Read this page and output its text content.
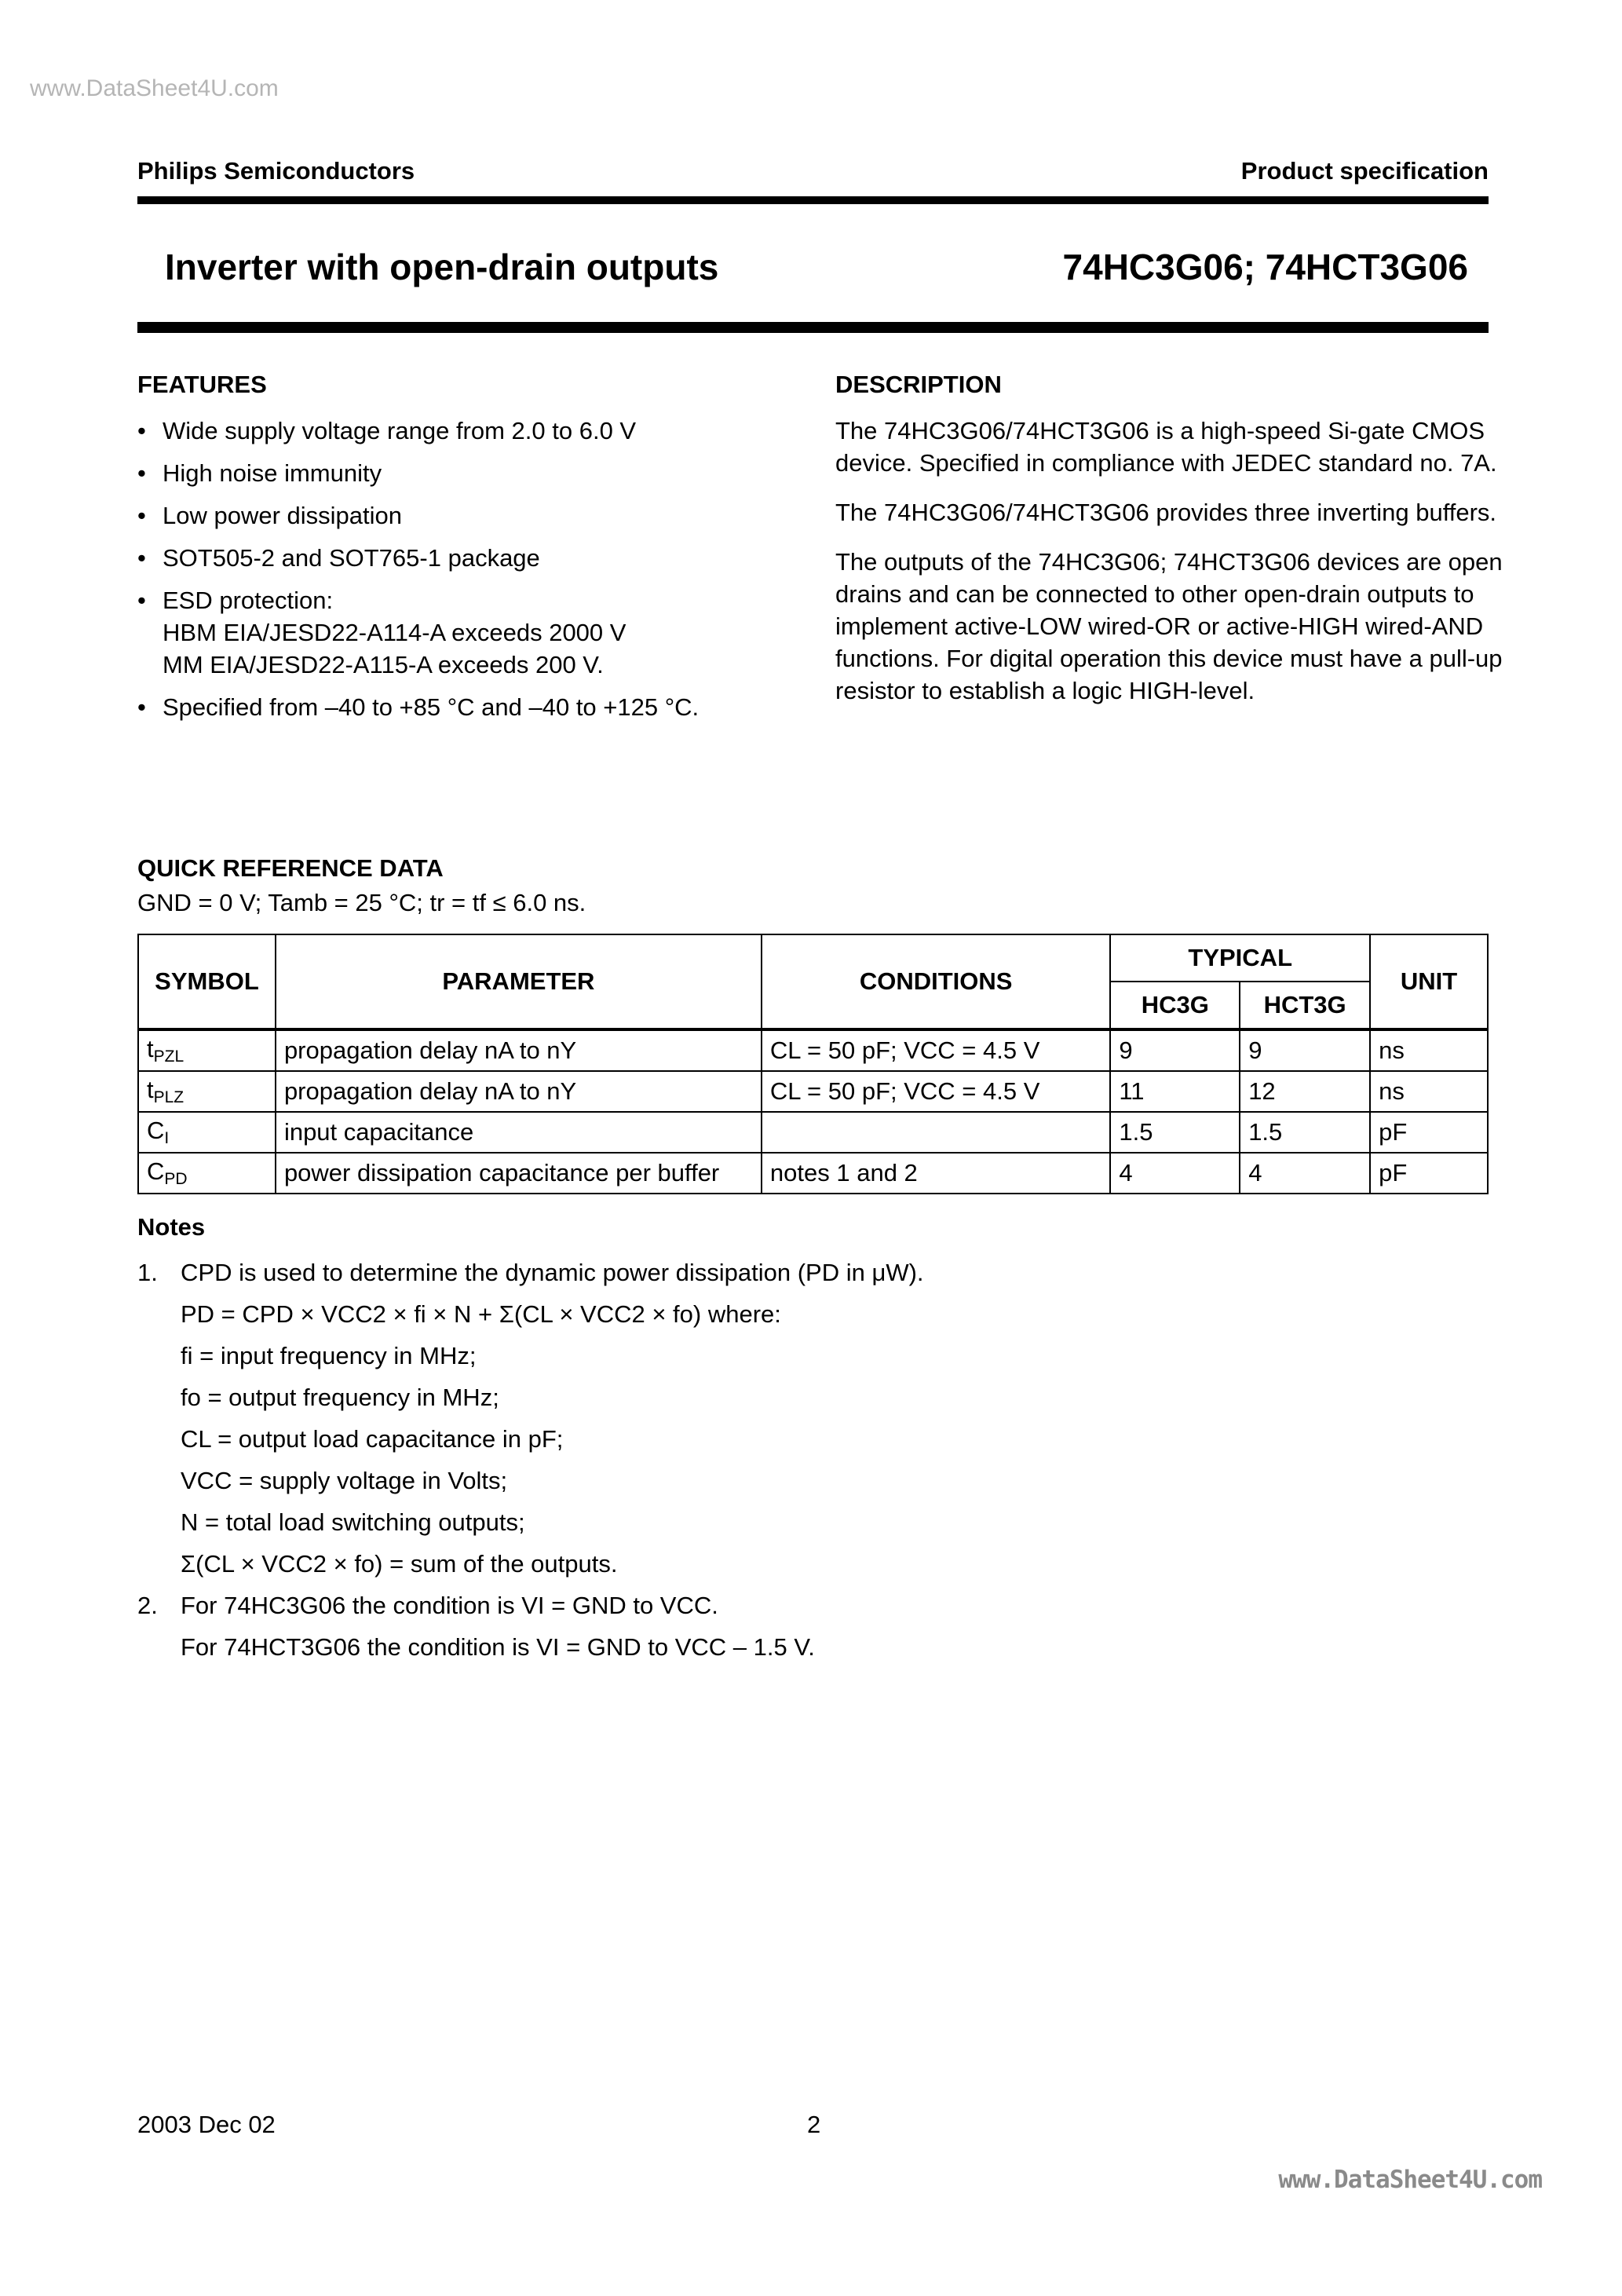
www.DataSheet4U.com
Philips Semiconductors	Product specification
Inverter with open-drain outputs	74HC3G06; 74HCT3G06
FEATURES
• Wide supply voltage range from 2.0 to 6.0 V
• High noise immunity
• Low power dissipation
• SOT505-2 and SOT765-1 package
• ESD protection:
HBM EIA/JESD22-A114-A exceeds 2000 V
MM EIA/JESD22-A115-A exceeds 200 V.
• Specified from –40 to +85 °C and –40 to +125 °C.
DESCRIPTION

The 74HC3G06/74HCT3G06 is a high-speed Si-gate CMOS device. Specified in compliance with JEDEC standard no. 7A.

The 74HC3G06/74HCT3G06 provides three inverting buffers.

The outputs of the 74HC3G06; 74HCT3G06 devices are open drains and can be connected to other open-drain outputs to implement active-LOW wired-OR or active-HIGH wired-AND functions. For digital operation this device must have a pull-up resistor to establish a logic HIGH-level.

QUICK REFERENCE DATA
GND = 0 V; Tamb = 25 °C; tr = tf ≤ 6.0 ns.
SYMBOL	PARAMETER	CONDITIONS	TYPICAL		UNIT
			HC3G	HCT3G	
$t_{PZL}$	propagation delay nA to nY	CL = 50 pF; VCC = 4.5 V	9	9	ns
$t_{PLZ}$	propagation delay nA to nY	CL = 50 pF; VCC = 4.5 V	11	12	ns
$C_I$	input capacitance		1.5	1.5	pF
$C_{PD}$	power dissipation capacitance per buffer	notes 1 and 2	4	4	pF
Notes
1. CPD is used to determine the dynamic power dissipation (PD in μW).
PD = CPD × VCC2 × fi × N + Σ(CL × VCC2 × fo) where:
fi = input frequency in MHz;
fo = output frequency in MHz;
CL = output load capacitance in pF;
VCC = supply voltage in Volts;
N = total load switching outputs;
Σ(CL × VCC2 × fo) = sum of the outputs.
2. For 74HC3G06 the condition is VI = GND to VCC.
For 74HCT3G06 the condition is VI = GND to VCC – 1.5 V.
2003 Dec 02	2
www.DataSheet4U.com
